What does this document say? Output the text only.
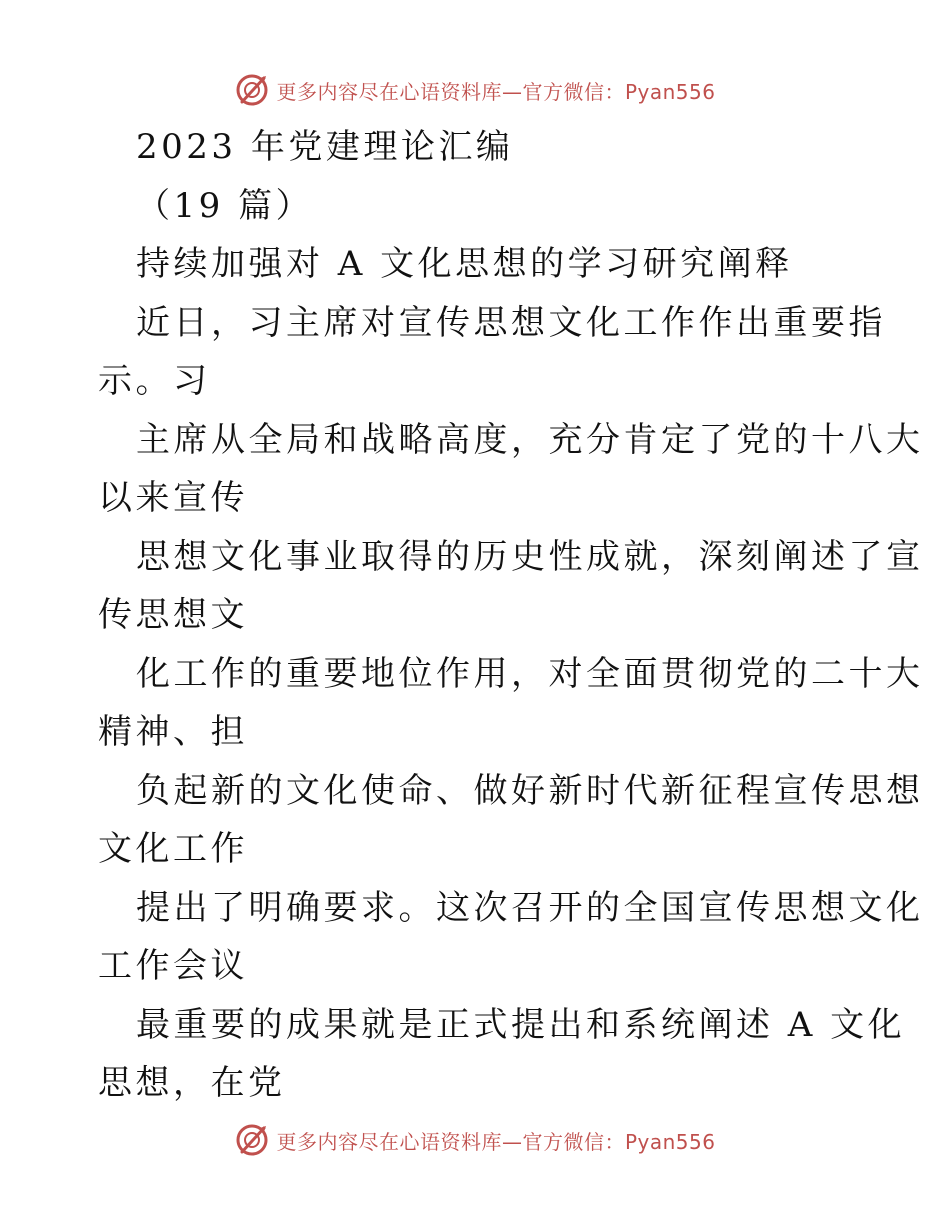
更多内容尽在心语资料库—官方微信：Pyan556
2023 年党建理论汇编
（19 篇）
持续加强对 A 文化思想的学习研究阐释
近日，习主席对宣传思想文化工作作出重要指
示。习
主席从全局和战略高度，充分肯定了党的十八大
以来宣传
思想文化事业取得的历史性成就，深刻阐述了宣
传思想文
化工作的重要地位作用，对全面贯彻党的二十大
精神、担
负起新的文化使命、做好新时代新征程宣传思想
文化工作
提出了明确要求。这次召开的全国宣传思想文化
工作会议
最重要的成果就是正式提出和系统阐述 A 文化
思想，在党
更多内容尽在心语资料库—官方微信：Pyan556
